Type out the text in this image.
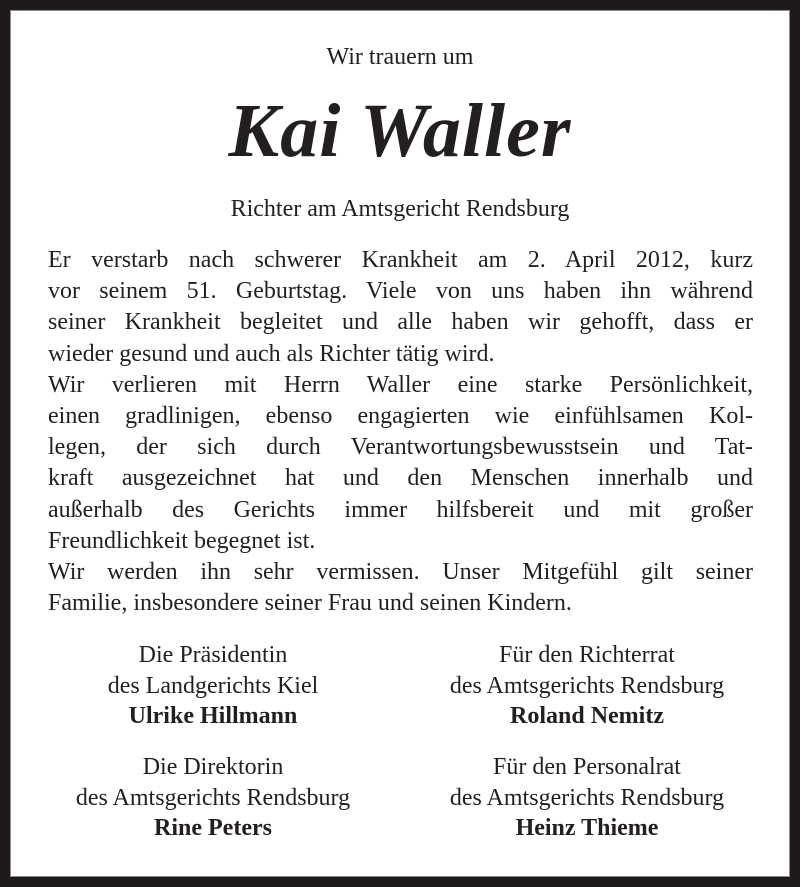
Wir trauern um
Kai Waller
Richter am Amtsgericht Rendsburg
Er verstarb nach schwerer Krankheit am 2. April 2012, kurz
vor seinem 51. Geburtstag. Viele von uns haben ihn während
seiner Krankheit begleitet und alle haben wir gehofft, dass er
wieder gesund und auch als Richter tätig wird.
Wir verlieren mit Herrn Waller eine starke Persönlichkeit,
einen gradlinigen, ebenso engagierten wie einfühlsamen Kol-
legen, der sich durch Verantwortungsbewusstsein und Tat-
kraft ausgezeichnet hat und den Menschen innerhalb und
außerhalb des Gerichts immer hilfsbereit und mit großer
Freundlichkeit begegnet ist.
Wir werden ihn sehr vermissen. Unser Mitgefühl gilt seiner
Familie, insbesondere seiner Frau und seinen Kindern.
Die Präsidentin
des Landgerichts Kiel
Ulrike Hillmann
Für den Richterrat
des Amtsgerichts Rendsburg
Roland Nemitz
Die Direktorin
des Amtsgerichts Rendsburg
Rine Peters
Für den Personalrat
des Amtsgerichts Rendsburg
Heinz Thieme
